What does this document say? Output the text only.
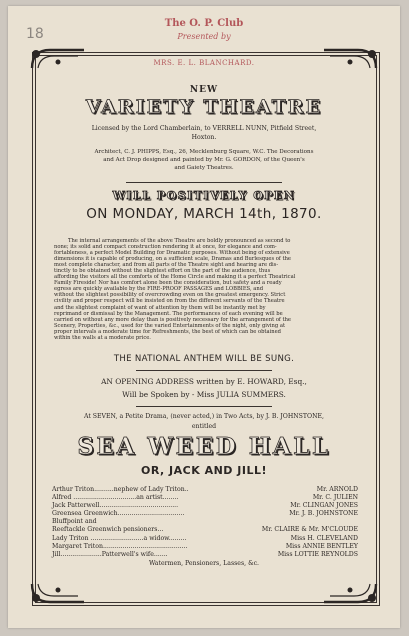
18
The O. P. Club
Presented by
MRS. E. L. BLANCHARD.
NEW
VARIETY THEATRE
Licensed by the Lord Chamberlain, to VERRELL NUNN, Pitfield Street,
Hoxton.
Architect, C. J. PHIPPS, Esq., 26, Mecklenburg Square, W.C. The Decorations
and Act Drop designed and painted by Mr. G. GORDON, of the Queen's
and Gaiety Theatres.
WILL POSITIVELY OPEN
ON MONDAY, MARCH 14th, 1870.
The internal arrangements of the above Theatre are boldly pronounced as second to
none; its solid and compact construction rendering it at once, for elegance and com-
fortableness, a perfect Model Building for Dramatic purposes. Without being of extensive
dimensions it is capable of producing, on a sufficient scale, Dramas and Burlesques of the
most complete character, and from all parts of the Theatre sight and hearing are dis-
tinctly to be obtained without the slightest effort on the part of the audience, thus
affording the visitors all the comforts of the Home Circle and making it a perfect Theatrical
Family Fireside! Nor has comfort alone been the consideration, but safety and a ready
egress are quickly available by the FIRE-PROOF PASSAGES and LOBBIES, and
without the slightest possibility of overcrowding even on the greatest emergency. Strict
civility and proper respect will be insisted on from the different servants of the Theatre
and the slightest complaint of want of attention by them will be instantly met by
reprimand or dismissal by the Management. The performances of each evening will be
carried on without any more delay than is positively necessary for the arrangement of the
Scenery, Properties, &c., used for the varied Entertainments of the night, only giving at
proper intervals a moderate time for Refreshments, the best of which can be obtained
within the walls at a moderate price.
THE NATIONAL ANTHEM WILL BE SUNG.
AN OPENING ADDRESS written by E. HOWARD, Esq.,
Will be Spoken by - Miss JULIA SUMMERS.
At SEVEN, a Petite Drama, (never acted,) in Two Acts, by J. B. JOHNSTONE,
entitled
SEA WEED HALL
OR, JACK AND JILL!
Arthur Triton..........nephew of Lady Triton..	Mr. ARNOLD
Alfred ................................an artist........	Mr. C. JULIEN
Jack Patterwell........................................	Mr. CLINGAN JONES
Greensea Greenwich..................................	Mr. J. B. JOHNSTONE
Bluffpoint and
Reeftackle Greenwich pensioners...	Mr. CLAIRE & Mr. M'CLOUDE
Lady Triton ...........................a widow.........	Miss H. CLEVELAND
Margaret Triton...........................................	Miss ANNIE BENTLEY
Jill.....................Patterwell's wife.......	Miss LOTTIE REYNOLDS
Watermen, Pensioners, Lasses, &c.
